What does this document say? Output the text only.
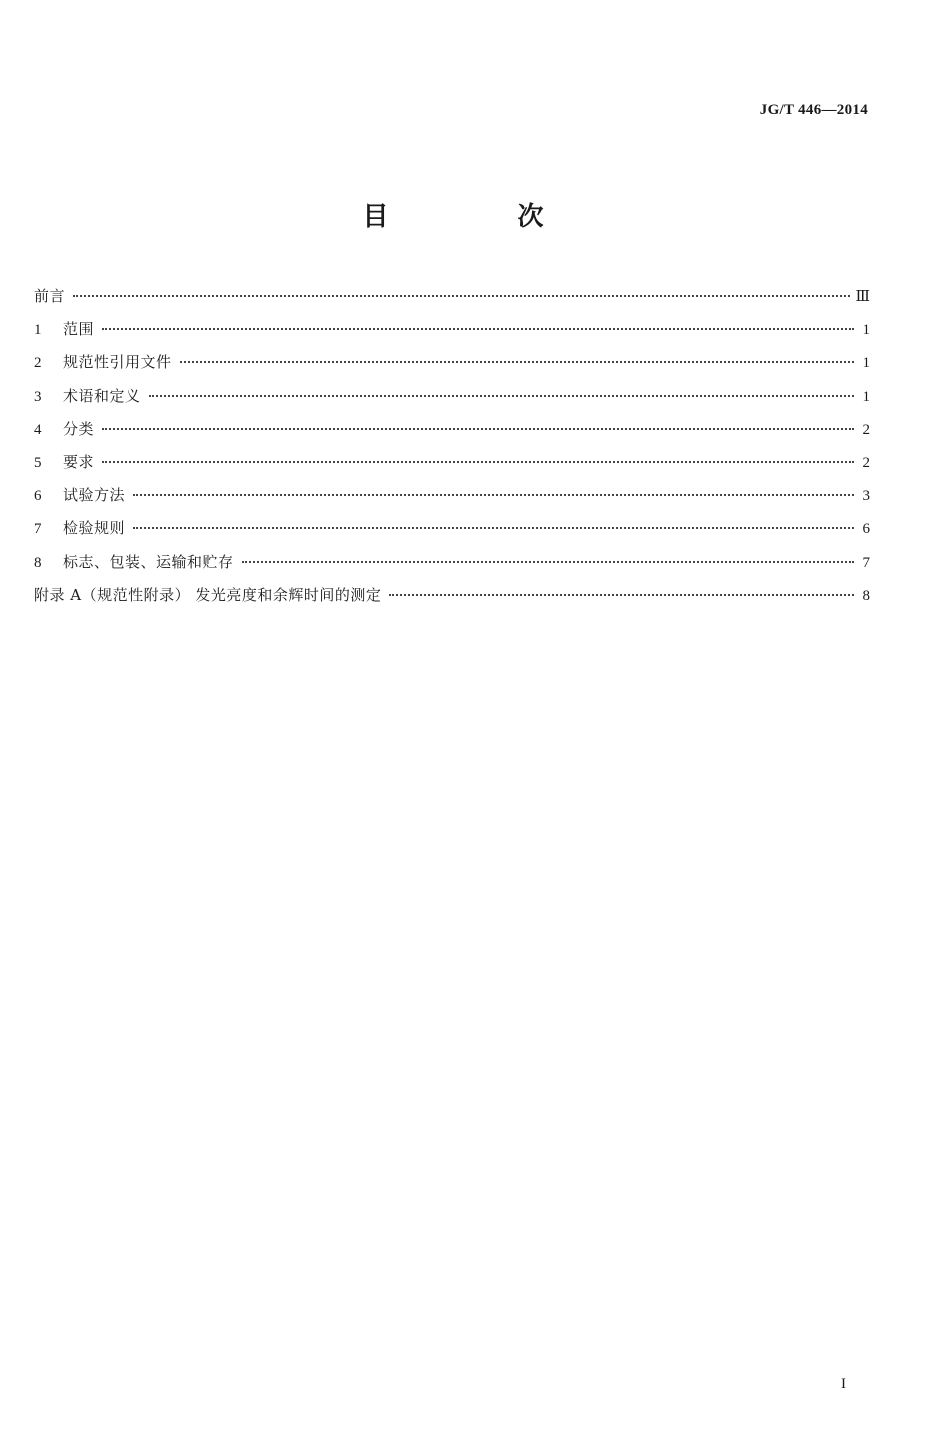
JG/T 446—2014
目 次
前言	Ⅲ
1	范围	1
2	规范性引用文件	1
3	术语和定义	1
4	分类	2
5	要求	2
6	试验方法	3
7	检验规则	6
8	标志、包装、运输和贮存	7
附录 A（规范性附录） 发光亮度和余辉时间的测定	8
I
